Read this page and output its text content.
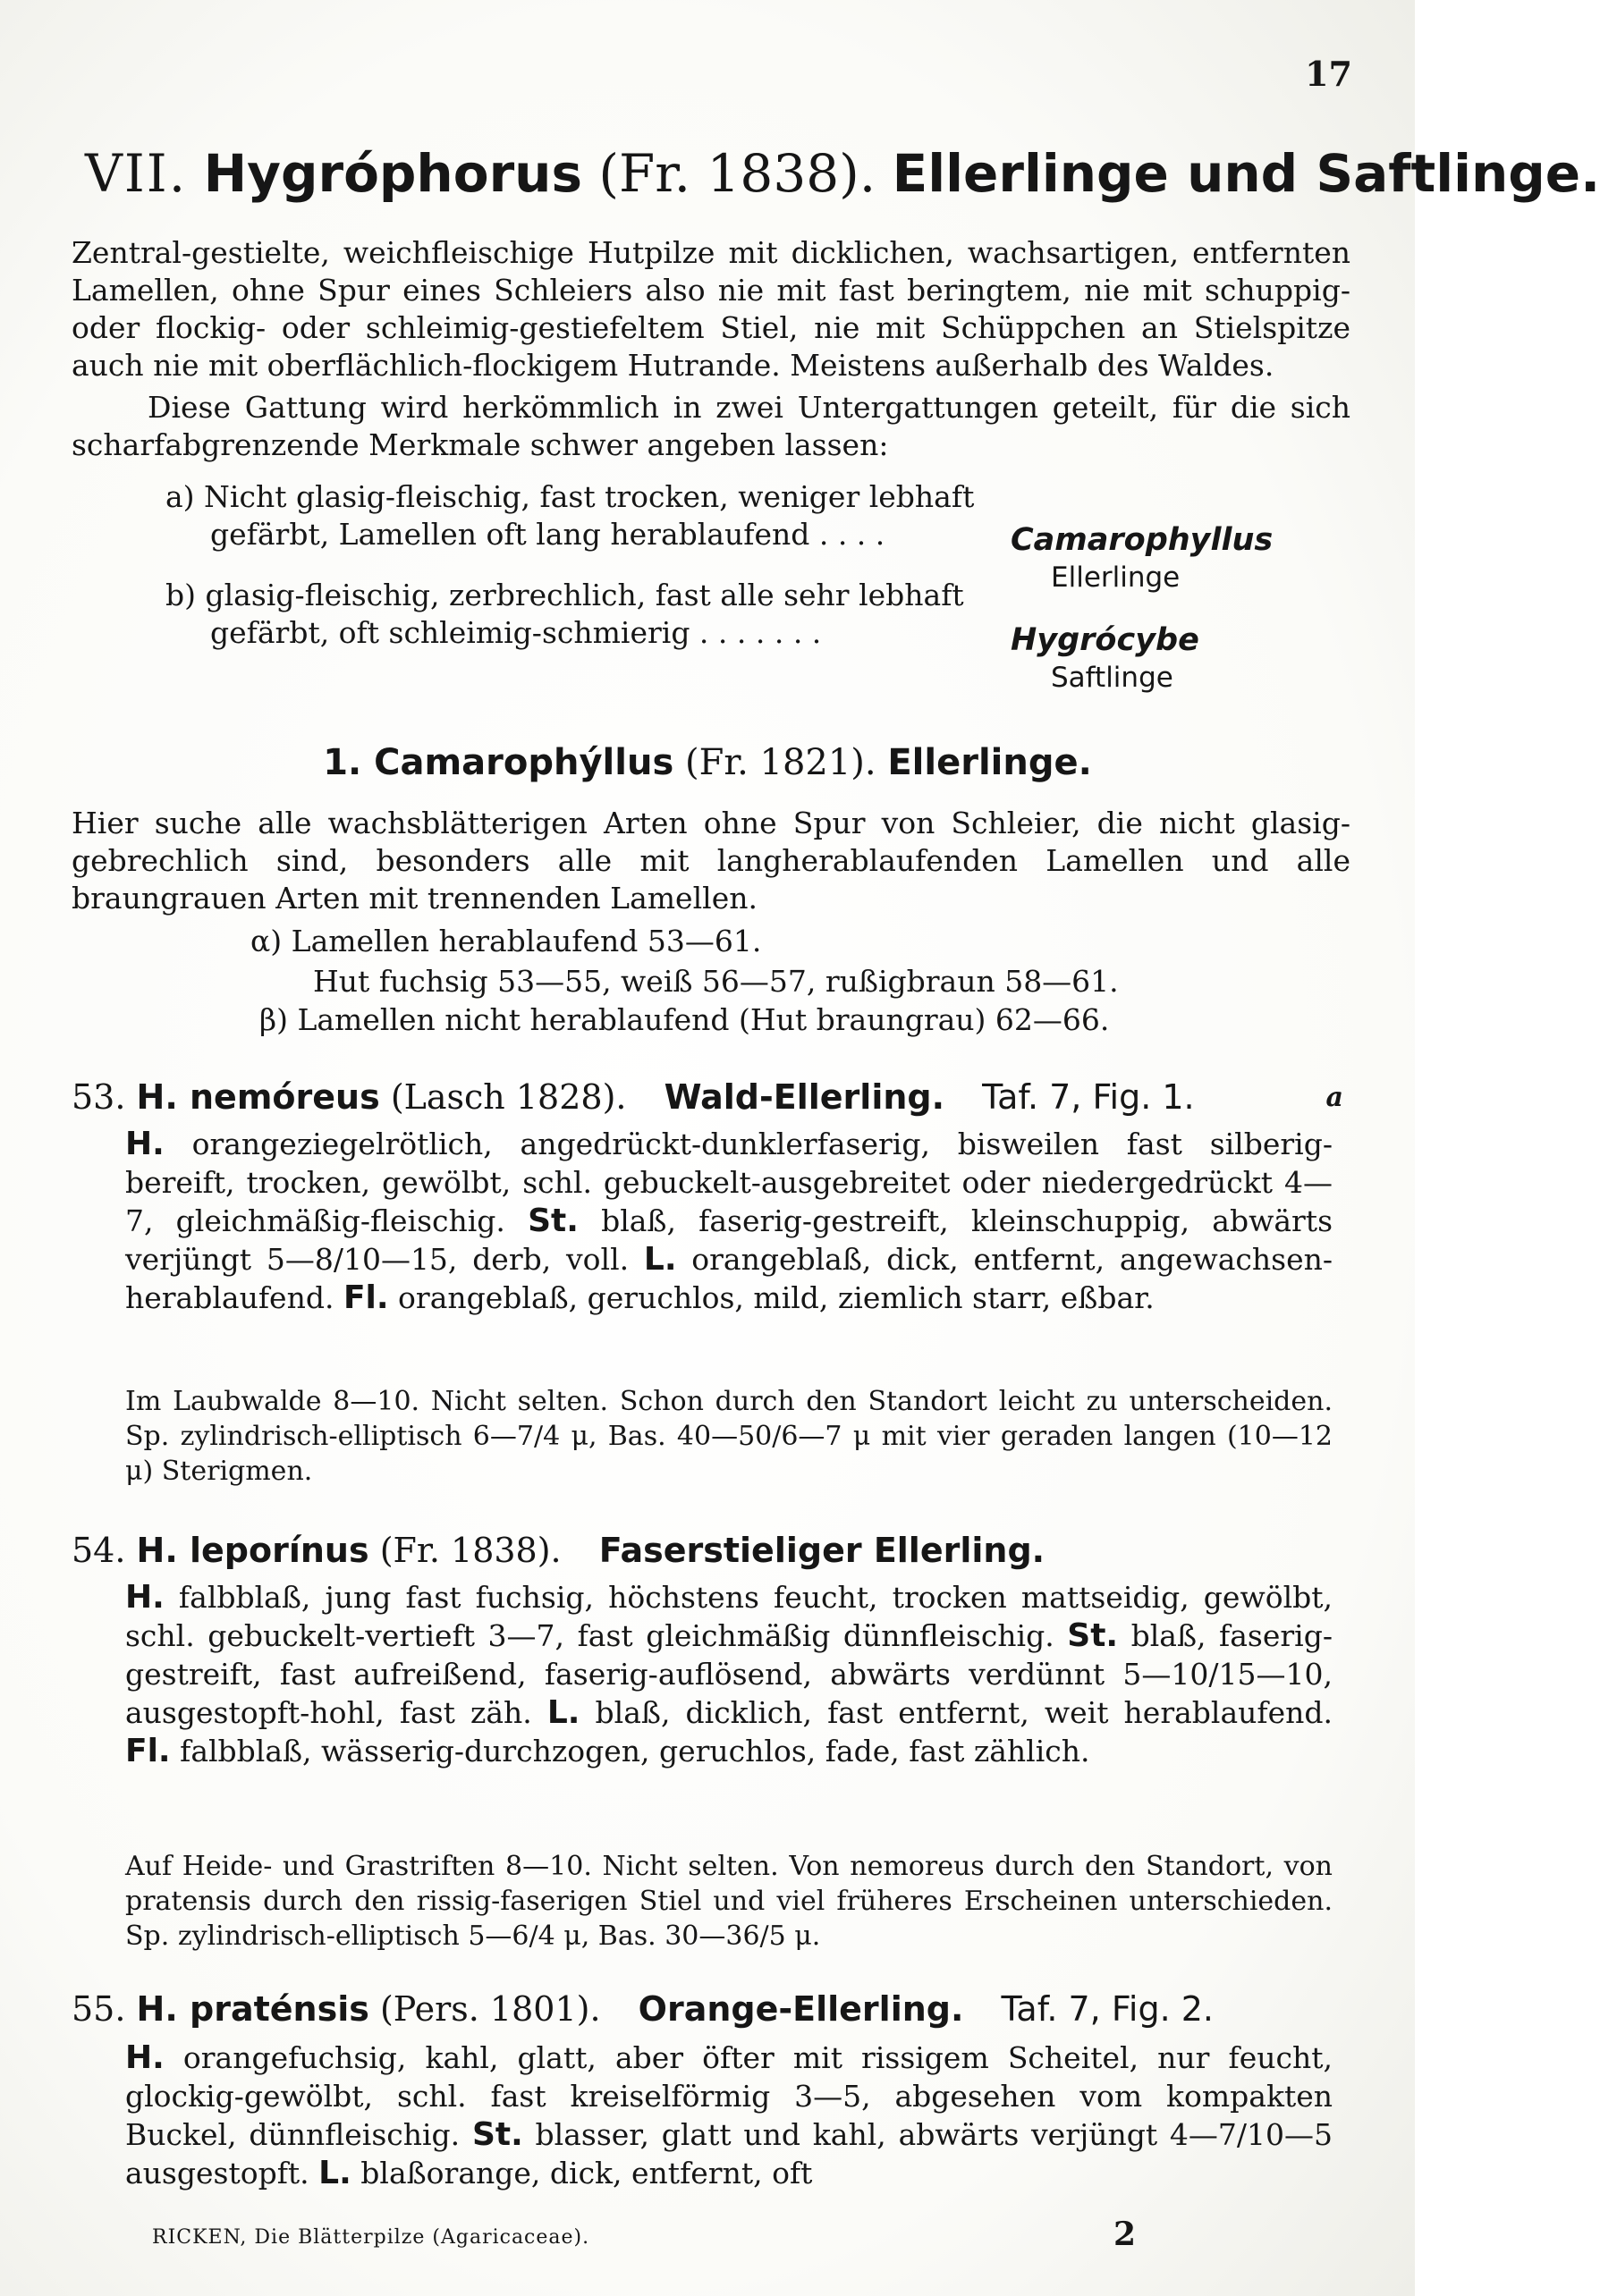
17
VII. Hygróphorus (Fr. 1838). Ellerlinge und Saftlinge.

Zentral-gestielte, weichfleischige Hutpilze mit dicklichen, wachsartigen, entfernten Lamellen, ohne Spur eines Schleiers also nie mit fast beringtem, nie mit schuppig- oder flockig- oder schleimig-gestiefeltem Stiel, nie mit Schüppchen an Stielspitze auch nie mit oberflächlich-flockigem Hutrande. Meistens außerhalb des Waldes.

Diese Gattung wird herkömmlich in zwei Untergattungen geteilt, für die sich scharfabgrenzende Merkmale schwer angeben lassen:

a) Nicht glasig-fleischig, fast trocken, weniger lebhaft
gefärbt, Lamellen oft lang herablaufend . . . .	Camarophyllus
Ellerlinge
b) glasig-fleischig, zerbrechlich, fast alle sehr lebhaft
gefärbt, oft schleimig-schmierig . . . . . . .	Hygrócybe
Saftlinge
1. Camarophýllus (Fr. 1821). Ellerlinge.

Hier suche alle wachsblätterigen Arten ohne Spur von Schleier, die nicht glasig-gebrechlich sind, besonders alle mit langherablaufenden Lamellen und alle braungrauen Arten mit trennenden Lamellen.

α) Lamellen herablaufend 53—61.
Hut fuchsig 53—55, weiß 56—57, rußigbraun 58—61.
β) Lamellen nicht herablaufend (Hut braungrau) 62—66.
53. H. nemóreus (Lasch 1828). Wald-Ellerling. Taf. 7, Fig. 1.	a
H. orangeziegelrötlich, angedrückt-dunklerfaserig, bisweilen fast silberig-bereift, trocken, gewölbt, schl. gebuckelt-ausgebreitet oder niedergedrückt 4—7, gleichmäßig-fleischig. St. blaß, faserig-gestreift, kleinschuppig, abwärts verjüngt 5—8/10—15, derb, voll. L. orangeblaß, dick, entfernt, angewachsen-herablaufend. Fl. orangeblaß, geruchlos, mild, ziemlich starr, eßbar.
Im Laubwalde 8—10. Nicht selten. Schon durch den Standort leicht zu unterscheiden. Sp. zylindrisch-elliptisch 6—7/4 μ, Bas. 40—50/6—7 μ mit vier geraden langen (10—12 μ) Sterigmen.
54. H. leporínus (Fr. 1838). Faserstieliger Ellerling.
H. falbblaß, jung fast fuchsig, höchstens feucht, trocken mattseidig, gewölbt, schl. gebuckelt-vertieft 3—7, fast gleichmäßig dünnfleischig. St. blaß, faserig-gestreift, fast aufreißend, faserig-auflösend, abwärts verdünnt 5—10/15—10, ausgestopft-hohl, fast zäh. L. blaß, dicklich, fast entfernt, weit herablaufend. Fl. falbblaß, wässerig-durchzogen, geruchlos, fade, fast zählich.
Auf Heide- und Grastriften 8—10. Nicht selten. Von nemoreus durch den Standort, von pratensis durch den rissig-faserigen Stiel und viel früheres Erscheinen unterschieden. Sp. zylindrisch-elliptisch 5—6/4 μ, Bas. 30—36/5 μ.
55. H. praténsis (Pers. 1801). Orange-Ellerling. Taf. 7, Fig. 2.
H. orangefuchsig, kahl, glatt, aber öfter mit rissigem Scheitel, nur feucht, glockig-gewölbt, schl. fast kreiselförmig 3—5, abgesehen vom kompakten Buckel, dünnfleischig. St. blasser, glatt und kahl, abwärts verjüngt 4—7/10—5 ausgestopft. L. blaßorange, dick, entfernt, oft
RICKEN, Die Blätterpilze (Agaricaceae).	2
